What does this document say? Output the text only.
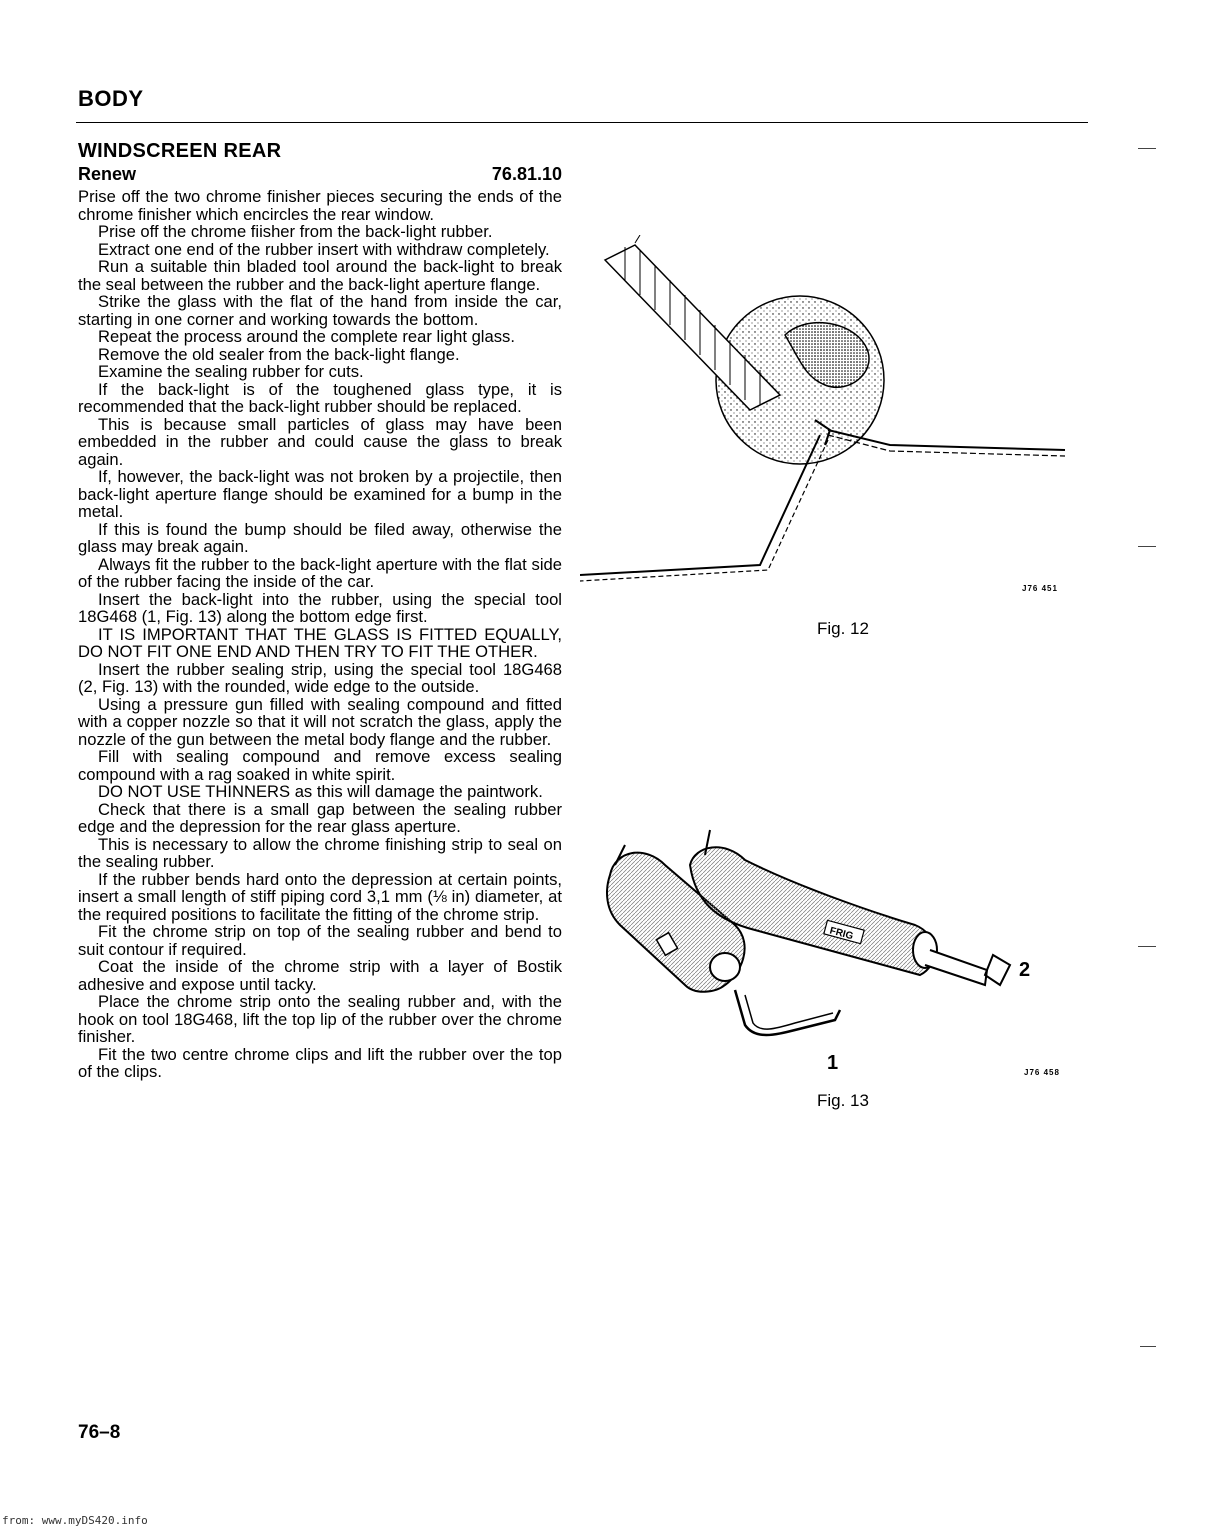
BODY
WINDSCREEN REAR
Renew	76.81.10

Prise off the two chrome finisher pieces securing the ends of the chrome finisher which encircles the rear window.

Prise off the chrome fiisher from the back-light rubber.

Extract one end of the rubber insert with withdraw completely.

Run a suitable thin bladed tool around the back-light to break the seal between the rubber and the back-light aperture flange.

Strike the glass with the flat of the hand from inside the car, starting in one corner and working towards the bottom.

Repeat the process around the complete rear light glass.

Remove the old sealer from the back-light flange.

Examine the sealing rubber for cuts.

If the back-light is of the toughened glass type, it is recommended that the back-light rubber should be replaced.

This is because small particles of glass may have been embedded in the rubber and could cause the glass to break again.

If, however, the back-light was not broken by a projectile, then back-light aperture flange should be examined for a bump in the metal.

If this is found the bump should be filed away, otherwise the glass may break again.

Always fit the rubber to the back-light aperture with the flat side of the rubber facing the inside of the car.

Insert the back-light into the rubber, using the special tool 18G468 (1, Fig. 13) along the bottom edge first.

IT IS IMPORTANT THAT THE GLASS IS FITTED EQUALLY, DO NOT FIT ONE END AND THEN TRY TO FIT THE OTHER.

Insert the rubber sealing strip, using the special tool 18G468 (2, Fig. 13) with the rounded, wide edge to the outside.

Using a pressure gun filled with sealing compound and fitted with a copper nozzle so that it will not scratch the glass, apply the nozzle of the gun between the metal body flange and the rubber.

Fill with sealing compound and remove excess sealing compound with a rag soaked in white spirit.

DO NOT USE THINNERS as this will damage the paintwork.

Check that there is a small gap between the sealing rubber edge and the depression for the rear glass aperture.

This is necessary to allow the chrome finishing strip to seal on the sealing rubber.

If the rubber bends hard onto the depression at certain points, insert a small length of stiff piping cord 3,1 mm (⅛ in) diameter, at the required positions to facilitate the fitting of the chrome strip.

Fit the chrome strip on top of the sealing rubber and bend to suit contour if required.

Coat the inside of the chrome strip with a layer of Bostik adhesive and expose until tacky.

Place the chrome strip onto the sealing rubber and, with the hook on tool 18G468, lift the top lip of the rubber over the chrome finisher.

Fit the two centre chrome clips and lift the rubber over the top of the clips.

J76 451
Fig. 12
FRIG
2
1	J76 458
Fig. 13
76–8
from: www.myDS420.info
